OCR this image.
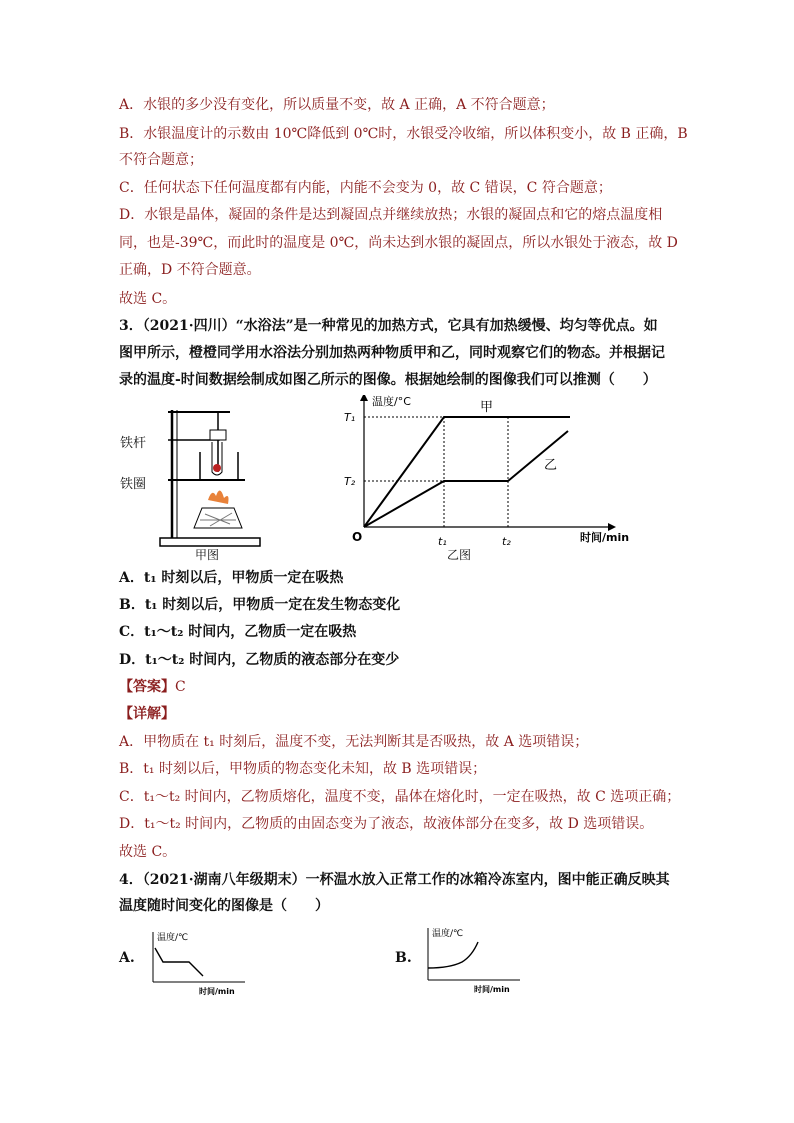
A．水银的多少没有变化，所以质量不变，故 A 正确，A 不符合题意；
B．水银温度计的示数由 10℃降低到 0℃时，水银受冷收缩，所以体积变小，故 B 正确，B
不符合题意；
C．任何状态下任何温度都有内能，内能不会变为 0，故 C 错误，C 符合题意；
D．水银是晶体，凝固的条件是达到凝固点并继续放热；水银的凝固点和它的熔点温度相
同，也是-39℃，而此时的温度是 0℃，尚未达到水银的凝固点，所以水银处于液态，故 D
正确，D 不符合题意。
故选 C。
3．（2021·四川）“水浴法”是一种常见的加热方式，它具有加热缓慢、均匀等优点。如
图甲所示，橙橙同学用水浴法分别加热两种物质甲和乙，同时观察它们的物态。并根据记
录的温度-时间数据绘制成如图乙所示的图像。根据她绘制的图像我们可以推测（　　）
铁杆
铁圈
甲图
温度/°C
时间/min
O	t₁	t₂
T₁
T₂
甲
乙
乙图
A．t₁ 时刻以后，甲物质一定在吸热
B．t₁ 时刻以后，甲物质一定在发生物态变化
C．t₁～t₂ 时间内，乙物质一定在吸热
D．t₁～t₂ 时间内，乙物质的液态部分在变少
【答案】C
【详解】
A．甲物质在 t₁ 时刻后，温度不变，无法判断其是否吸热，故 A 选项错误；
B．t₁ 时刻以后，甲物质的物态变化未知，故 B 选项错误；
C．t₁～t₂ 时间内，乙物质熔化，温度不变，晶体在熔化时，一定在吸热，故 C 选项正确；
D．t₁～t₂ 时间内，乙物质的由固态变为了液态，故液体部分在变多，故 D 选项错误。
故选 C。
4．（2021·湖南八年级期末）一杯温水放入正常工作的冰箱冷冻室内，图中能正确反映其
温度随时间变化的图像是（　　）
A.
温度/℃
时间/min
B.
温度/℃
时间/min
